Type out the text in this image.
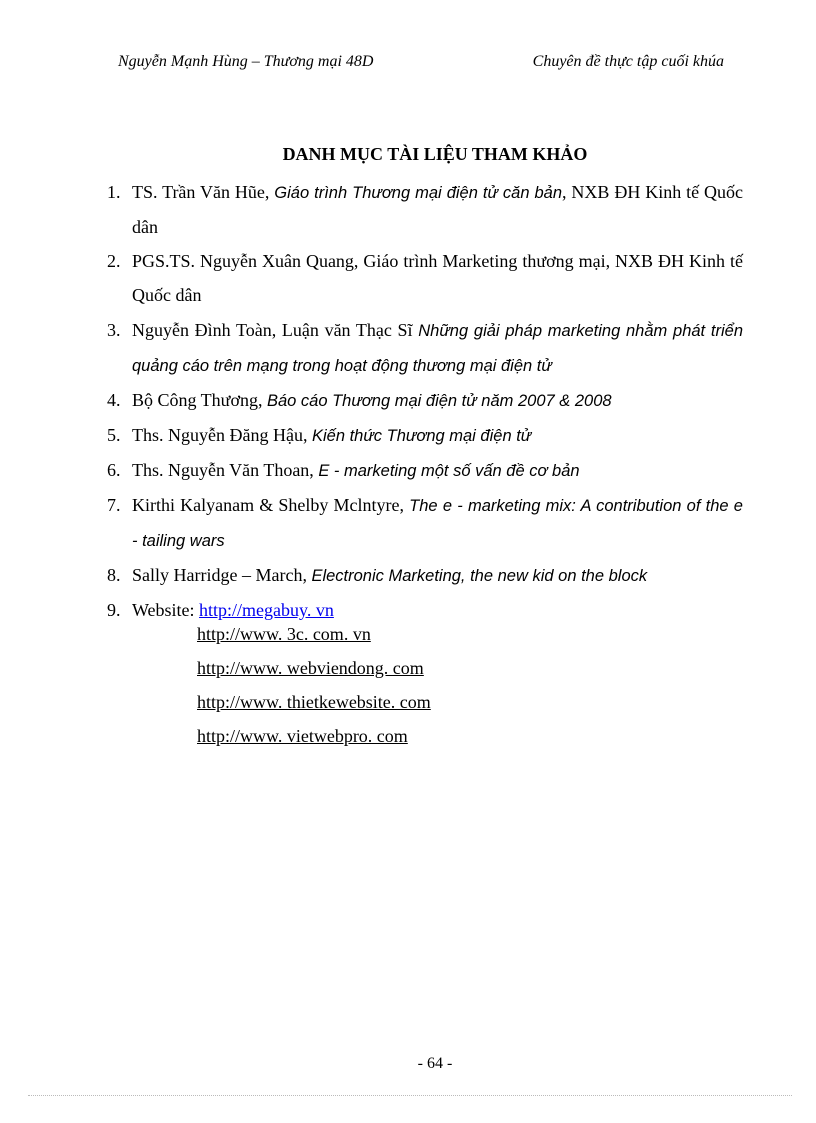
Nguyễn Mạnh Hùng – Thương mại 48D	Chuyên đề thực tập cuối khúa
DANH MỤC TÀI LIỆU THAM KHẢO
1. TS. Trần Văn Hũe, Giáo trình Thương mại điện tử căn bản, NXB ĐH Kinh tế Quốc dân
2. PGS.TS. Nguyễn Xuân Quang, Giáo trình Marketing thương mại, NXB ĐH Kinh tế Quốc dân
3. Nguyễn Đình Toàn, Luận văn Thạc Sĩ Những giải pháp marketing nhằm phát triển quảng cáo trên mạng trong hoạt động thương mại điện tử
4. Bộ Công Thương, Báo cáo Thương mại điện tử năm 2007 & 2008
5. Ths. Nguyễn Đăng Hậu, Kiến thức Thương mại điện tử
6. Ths. Nguyễn Văn Thoan, E - marketing một số vấn đề cơ bản
7. Kirthi Kalyanam & Shelby Mclntyre, The e - marketing mix: A contribution of the e - tailing wars
8. Sally Harridge – March, Electronic Marketing, the new kid on the block
9. Website: http://megabuy. vn
http://www. 3c. com. vn
http://www. webviendong. com
http://www. thietkewebsite. com
http://www. vietwebpro. com
- 64 -
